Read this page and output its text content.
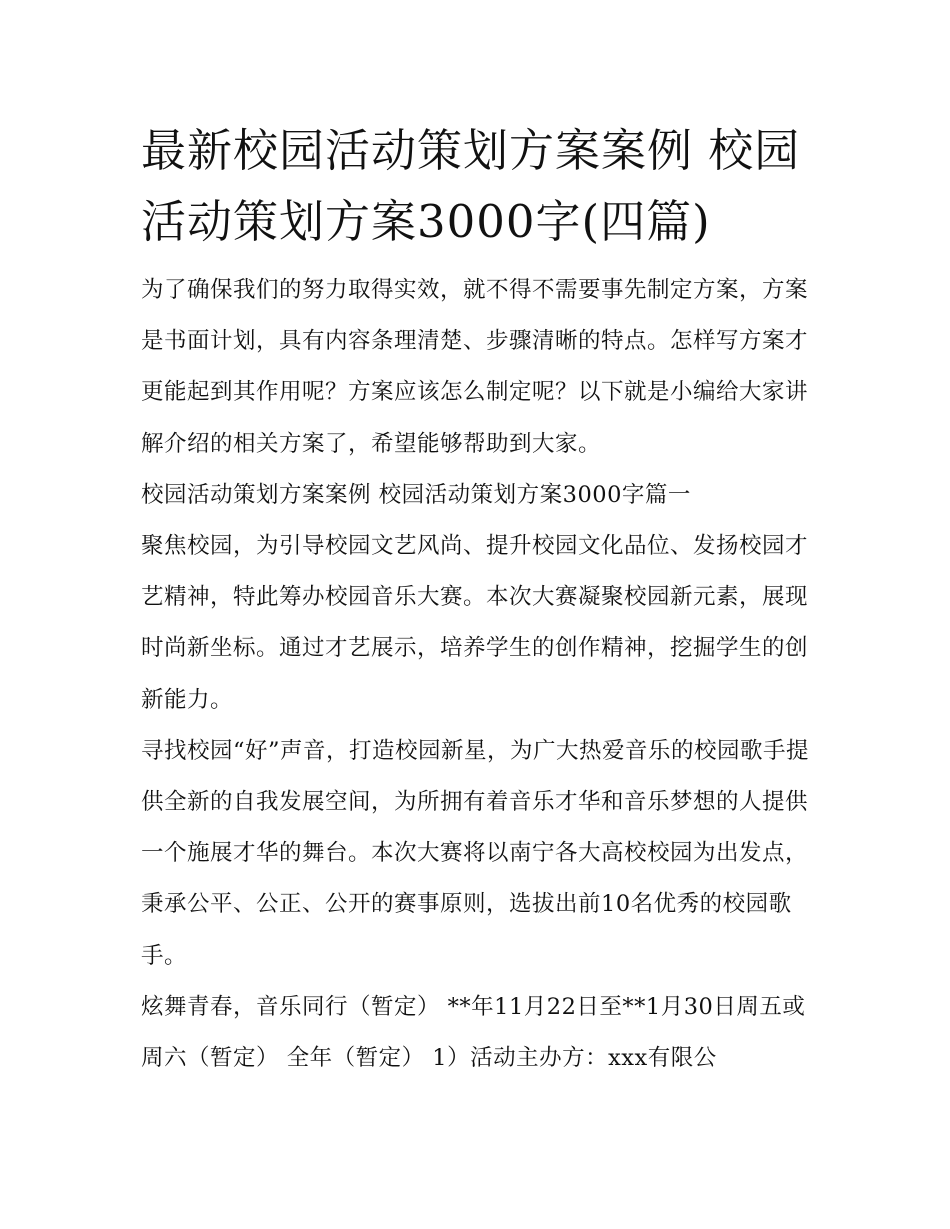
最新校园活动策划方案案例 校园活动策划方案3000字(四篇)

为了确保我们的努力取得实效，就不得不需要事先制定方案，方案是书面计划，具有内容条理清楚、步骤清晰的特点。怎样写方案才更能起到其作用呢？方案应该怎么制定呢？以下就是小编给大家讲解介绍的相关方案了，希望能够帮助到大家。

校园活动策划方案案例 校园活动策划方案3000字篇一

聚焦校园，为引导校园文艺风尚、提升校园文化品位、发扬校园才艺精神，特此筹办校园音乐大赛。本次大赛凝聚校园新元素，展现时尚新坐标。通过才艺展示，培养学生的创作精神，挖掘学生的创新能力。

寻找校园“好”声音，打造校园新星，为广大热爱音乐的校园歌手提供全新的自我发展空间，为所拥有着音乐才华和音乐梦想的人提供一个施展才华的舞台。本次大赛将以南宁各大高校校园为出发点，秉承公平、公正、公开的赛事原则，选拔出前10名优秀的校园歌手。

炫舞青春，音乐同行（暂定） **年11月22日至**1月30日周五或周六（暂定） 全年（暂定） 1）活动主办方：xxx有限公
